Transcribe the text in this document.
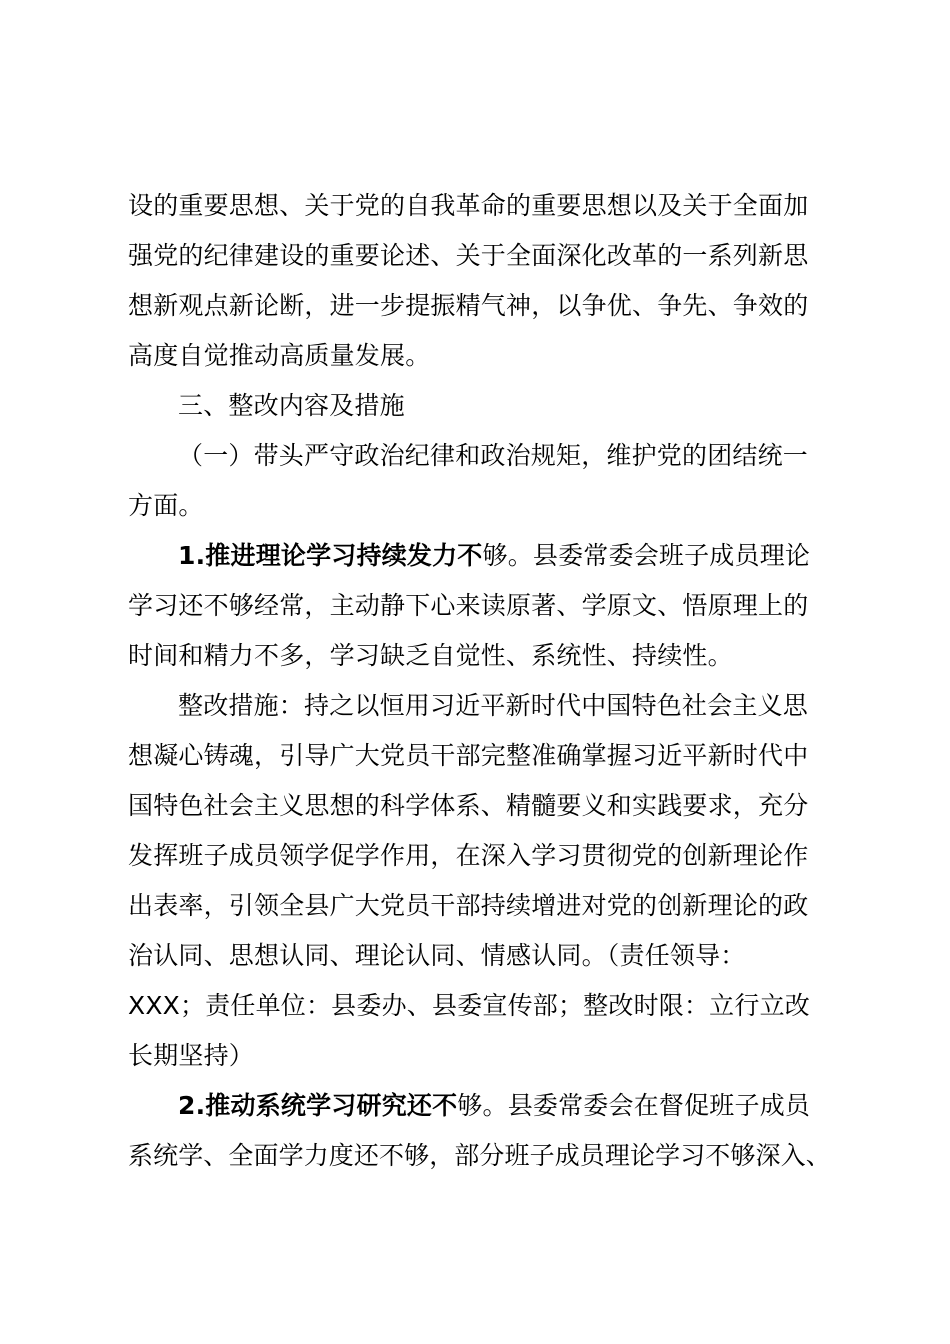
设的重要思想、关于党的自我革命的重要思想以及关于全面加
强党的纪律建设的重要论述、关于全面深化改革的一系列新思
想新观点新论断，进一步提振精气神，以争优、争先、争效的
高度自觉推动高质量发展。
三、整改内容及措施
（一）带头严守政治纪律和政治规矩，维护党的团结统一
方面。
1.推进理论学习持续发力不够。县委常委会班子成员理论
学习还不够经常，主动静下心来读原著、学原文、悟原理上的
时间和精力不多，学习缺乏自觉性、系统性、持续性。
整改措施：持之以恒用习近平新时代中国特色社会主义思
想凝心铸魂，引导广大党员干部完整准确掌握习近平新时代中
国特色社会主义思想的科学体系、精髓要义和实践要求，充分
发挥班子成员领学促学作用，在深入学习贯彻党的创新理论作
出表率，引领全县广大党员干部持续增进对党的创新理论的政
治认同、思想认同、理论认同、情感认同。（责任领导：
XXX；责任单位：县委办、县委宣传部；整改时限：立行立改
长期坚持）
2.推动系统学习研究还不够。县委常委会在督促班子成员
系统学、全面学力度还不够，部分班子成员理论学习不够深入、
